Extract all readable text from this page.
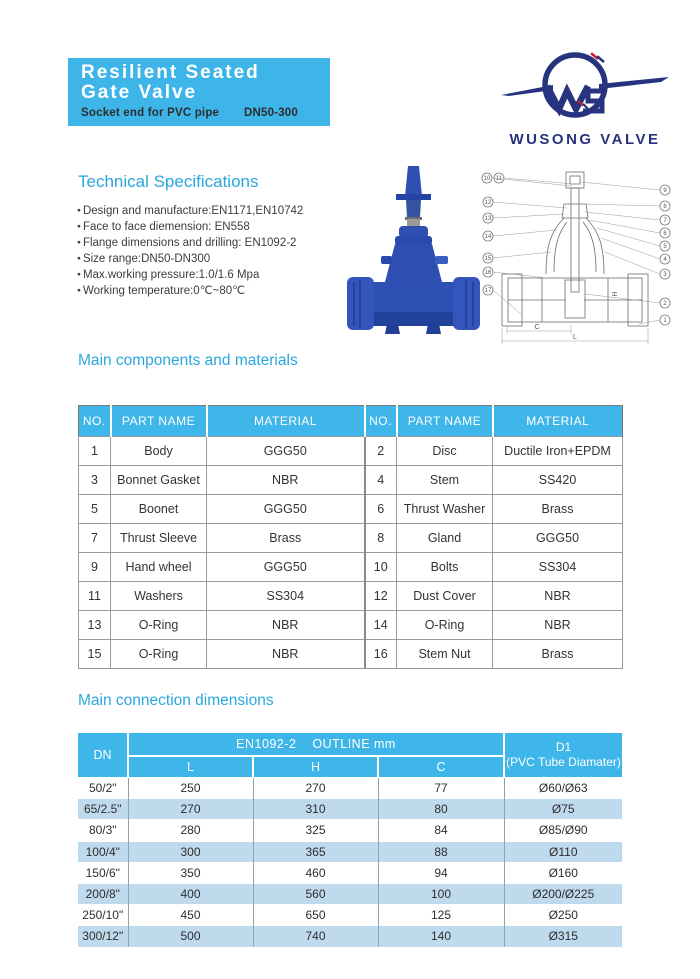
Resilient Seated
Gate Valve
Socket end for PVC pipe DN50-300
WUSONG VALVE
Technical Specifications
● Design and manufacture:EN1171,EN10742
● Face to face diemension: EN558
● Flange dimensions and drilling: EN1092-2
● Size range:DN50-DN300
● Max.working pressure:1.0/1.6 Mpa
● Working temperature:0℃~80℃
10 11
12
13
14
15
16
17
9
8
7
6
5
4
3
2
1
C
L
H
Main components and materials
NO.	PART NAME	MATERIAL	NO.	PART NAME	MATERIAL
1	Body	GGG50	2	Disc	Ductile Iron+EPDM
3	Bonnet Gasket	NBR	4	Stem	SS420
5	Boonet	GGG50	6	Thrust Washer	Brass
7	Thrust Sleeve	Brass	8	Gland	GGG50
9	Hand wheel	GGG50	10	Bolts	SS304
11	Washers	SS304	12	Dust Cover	NBR
13	O-Ring	NBR	14	O-Ring	NBR
15	O-Ring	NBR	16	Stem Nut	Brass
Main connection dimensions
DN	EN1092-2    OUTLINE mm			D1
(PVC Tube Diamater)

	L	H	C	
50/2"	250	270	77	Ø60/Ø63
65/2.5"	270	310	80	Ø75
80/3"	280	325	84	Ø85/Ø90
100/4"	300	365	88	Ø110
150/6"	350	460	94	Ø160
200/8"	400	560	100	Ø200/Ø225
250/10"	450	650	125	Ø250
300/12"	500	740	140	Ø315
